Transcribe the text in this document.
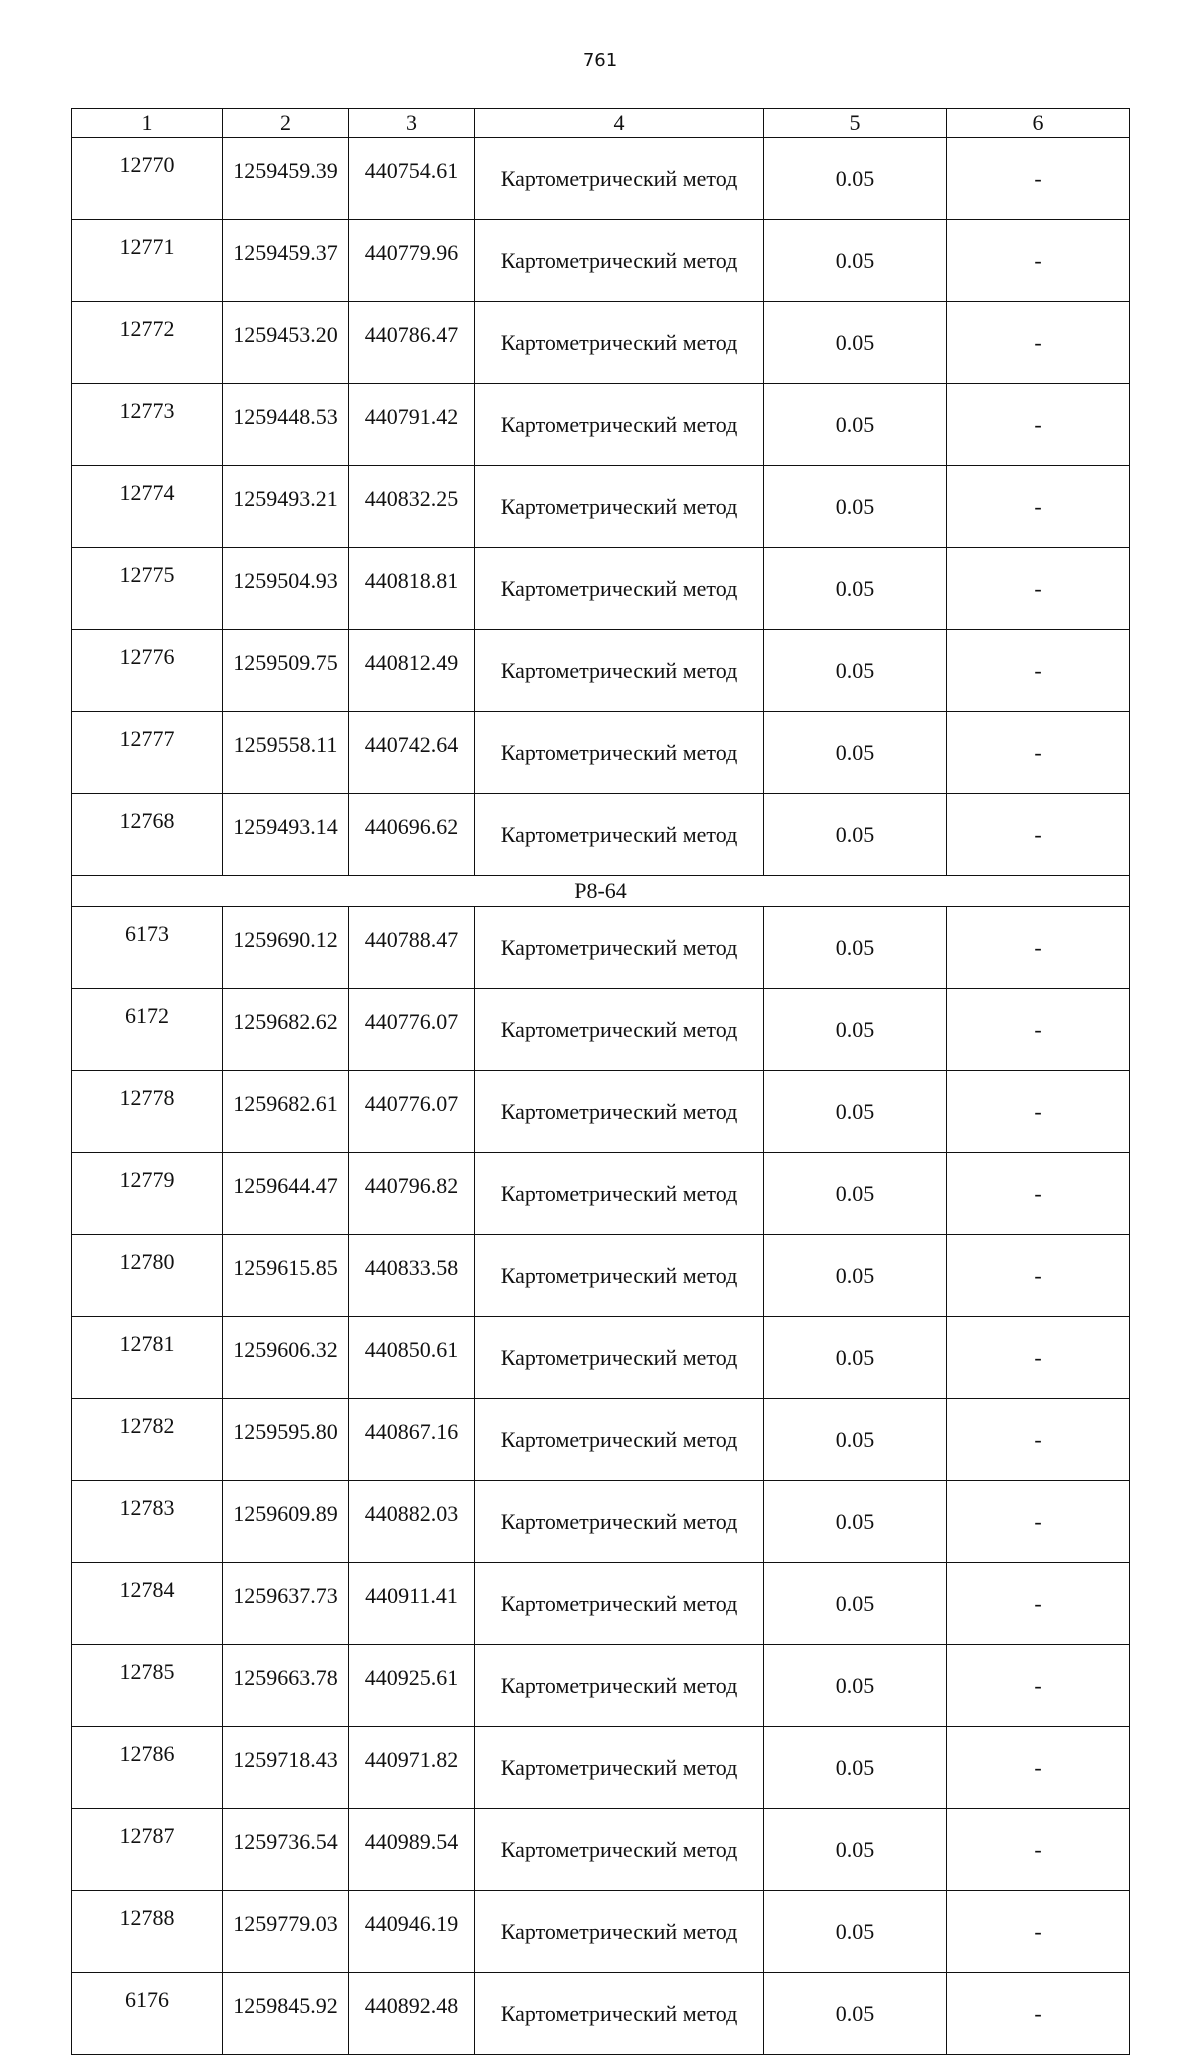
761
1	2	3	4	5	6
12770	1259459.39	440754.61	Картометрический метод	0.05	-
12771	1259459.37	440779.96	Картометрический метод	0.05	-
12772	1259453.20	440786.47	Картометрический метод	0.05	-
12773	1259448.53	440791.42	Картометрический метод	0.05	-
12774	1259493.21	440832.25	Картометрический метод	0.05	-
12775	1259504.93	440818.81	Картометрический метод	0.05	-
12776	1259509.75	440812.49	Картометрический метод	0.05	-
12777	1259558.11	440742.64	Картометрический метод	0.05	-
12768	1259493.14	440696.62	Картометрический метод	0.05	-
Р8-64					
6173	1259690.12	440788.47	Картометрический метод	0.05	-
6172	1259682.62	440776.07	Картометрический метод	0.05	-
12778	1259682.61	440776.07	Картометрический метод	0.05	-
12779	1259644.47	440796.82	Картометрический метод	0.05	-
12780	1259615.85	440833.58	Картометрический метод	0.05	-
12781	1259606.32	440850.61	Картометрический метод	0.05	-
12782	1259595.80	440867.16	Картометрический метод	0.05	-
12783	1259609.89	440882.03	Картометрический метод	0.05	-
12784	1259637.73	440911.41	Картометрический метод	0.05	-
12785	1259663.78	440925.61	Картометрический метод	0.05	-
12786	1259718.43	440971.82	Картометрический метод	0.05	-
12787	1259736.54	440989.54	Картометрический метод	0.05	-
12788	1259779.03	440946.19	Картометрический метод	0.05	-
6176	1259845.92	440892.48	Картометрический метод	0.05	-
